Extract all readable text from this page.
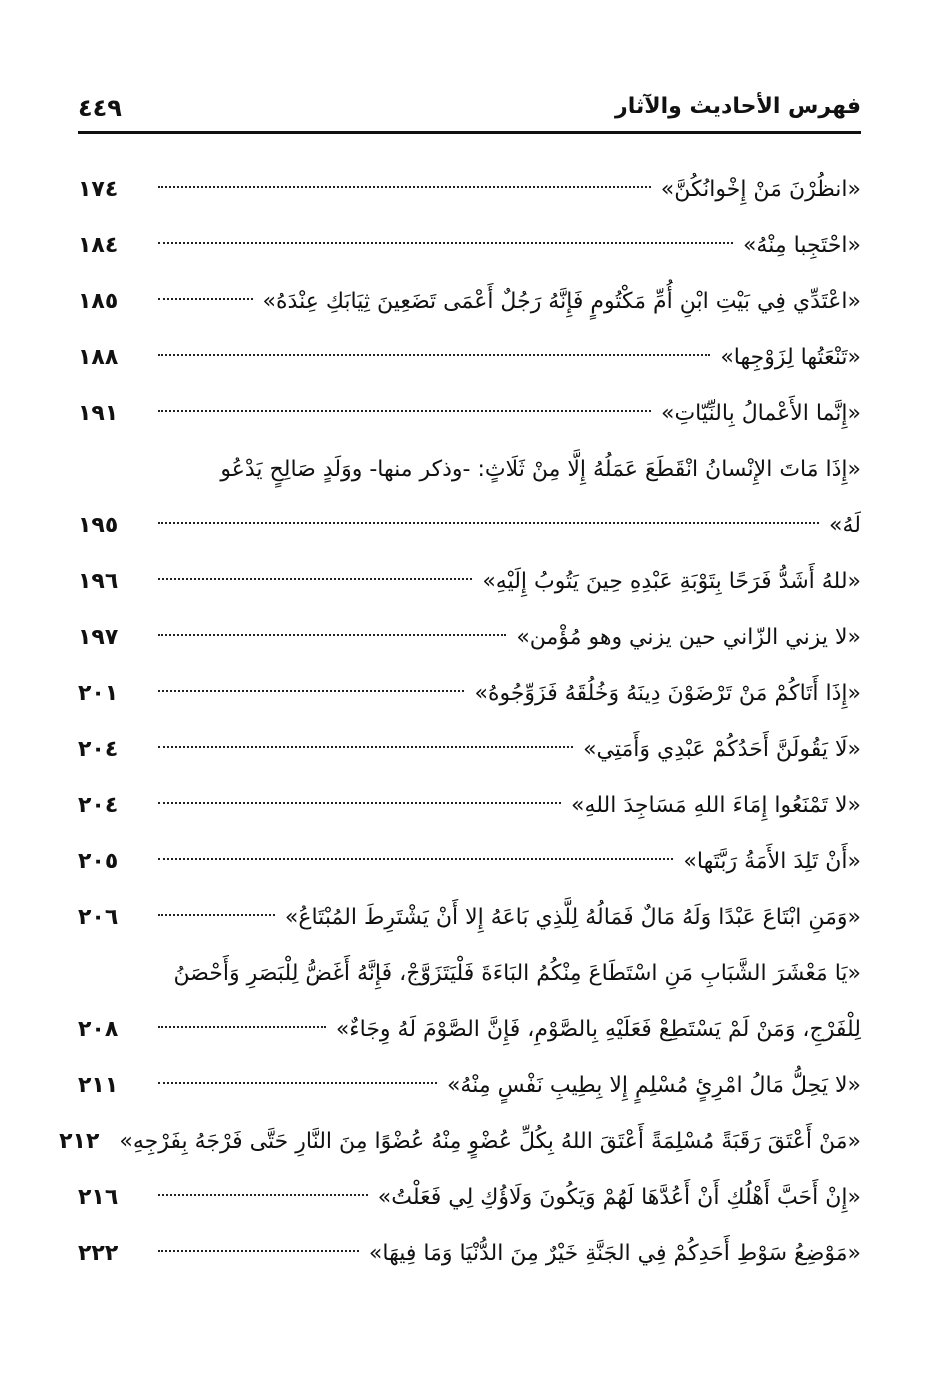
فهرس الأحاديث والآثار
٤٤٩
«انظُرْنَ مَنْ إِخْوانُكُنَّ»
١٧٤
«احْتَجِبا مِنْهُ»
١٨٤
«اعْتَدِّي فِي بَيْتِ ابْنِ أُمِّ مَكْتُومٍ فَإِنَّهُ رَجُلٌ أَعْمَى تَضَعِينَ ثِيَابَكِ عِنْدَهُ»
١٨٥
«تَنْعَتُها لِزَوْجِها»
١٨٨
«إِنَّما الأَعْمالُ بِالنِّيّاتِ»
١٩١
«إِذَا مَاتَ الإِنْسانُ انْقَطَعَ عَمَلُهُ إِلَّا مِنْ ثَلَاثٍ: -وذكر منها- ووَلَدٍ صَالِحٍ يَدْعُو
لَهُ»
١٩٥
«للهُ أَشَدُّ فَرَحًا بِتَوْبَةِ عَبْدِهِ حِينَ يَتُوبُ إِلَيْهِ»
١٩٦
«لا يزني الزّاني حين يزني وهو مُؤْمن»
١٩٧
«إِذَا أَتَاكُمْ مَنْ تَرْضَوْنَ دِينَهُ وَخُلُقَهُ فَزَوِّجُوهُ»
٢٠١
«لَا يَقُولَنَّ أَحَدُكُمْ عَبْدِي وَأَمَتِي»
٢٠٤
«لا تَمْنَعُوا إِمَاءَ اللهِ مَسَاجِدَ اللهِ»
٢٠٤
«أَنْ تَلِدَ الأَمَةُ رَبَّتَها»
٢٠٥
«وَمَنِ ابْتَاعَ عَبْدًا وَلَهُ مَالٌ فَمَالُهُ لِلَّذِي بَاعَهُ إِلا أَنْ يَشْتَرِطَ المُبْتَاعُ»
٢٠٦
«يَا مَعْشَرَ الشَّبَابِ مَنِ اسْتَطَاعَ مِنْكُمُ البَاءَةَ فَلْيَتَزَوَّجْ، فَإِنَّهُ أَغَضُّ لِلْبَصَرِ وَأَحْصَنُ
لِلْفَرْجِ، وَمَنْ لَمْ يَسْتَطِعْ فَعَلَيْهِ بِالصَّوْمِ، فَإِنَّ الصَّوْمَ لَهُ وِجَاءٌ»
٢٠٨
«لا يَحِلُّ مَالُ امْرِئٍ مُسْلِمٍ إِلا بِطِيبِ نَفْسٍ مِنْهُ»
٢١١
«مَنْ أَعْتَقَ رَقَبَةً مُسْلِمَةً أَعْتَقَ اللهُ بِكُلِّ عُضْوٍ مِنْهُ عُضْوًا مِنَ النَّارِ حَتَّى فَرْجَهُ بِفَرْجِهِ»
٢١٢
«إِنْ أَحَبَّ أَهْلُكِ أَنْ أَعُدَّهَا لَهُمْ وَيَكُونَ وَلَاؤُكِ لِي فَعَلْتُ»
٢١٦
«مَوْضِعُ سَوْطِ أَحَدِكُمْ فِي الجَنَّةِ خَيْرٌ مِنَ الدُّنْيَا وَمَا فِيهَا»
٢٢٢
